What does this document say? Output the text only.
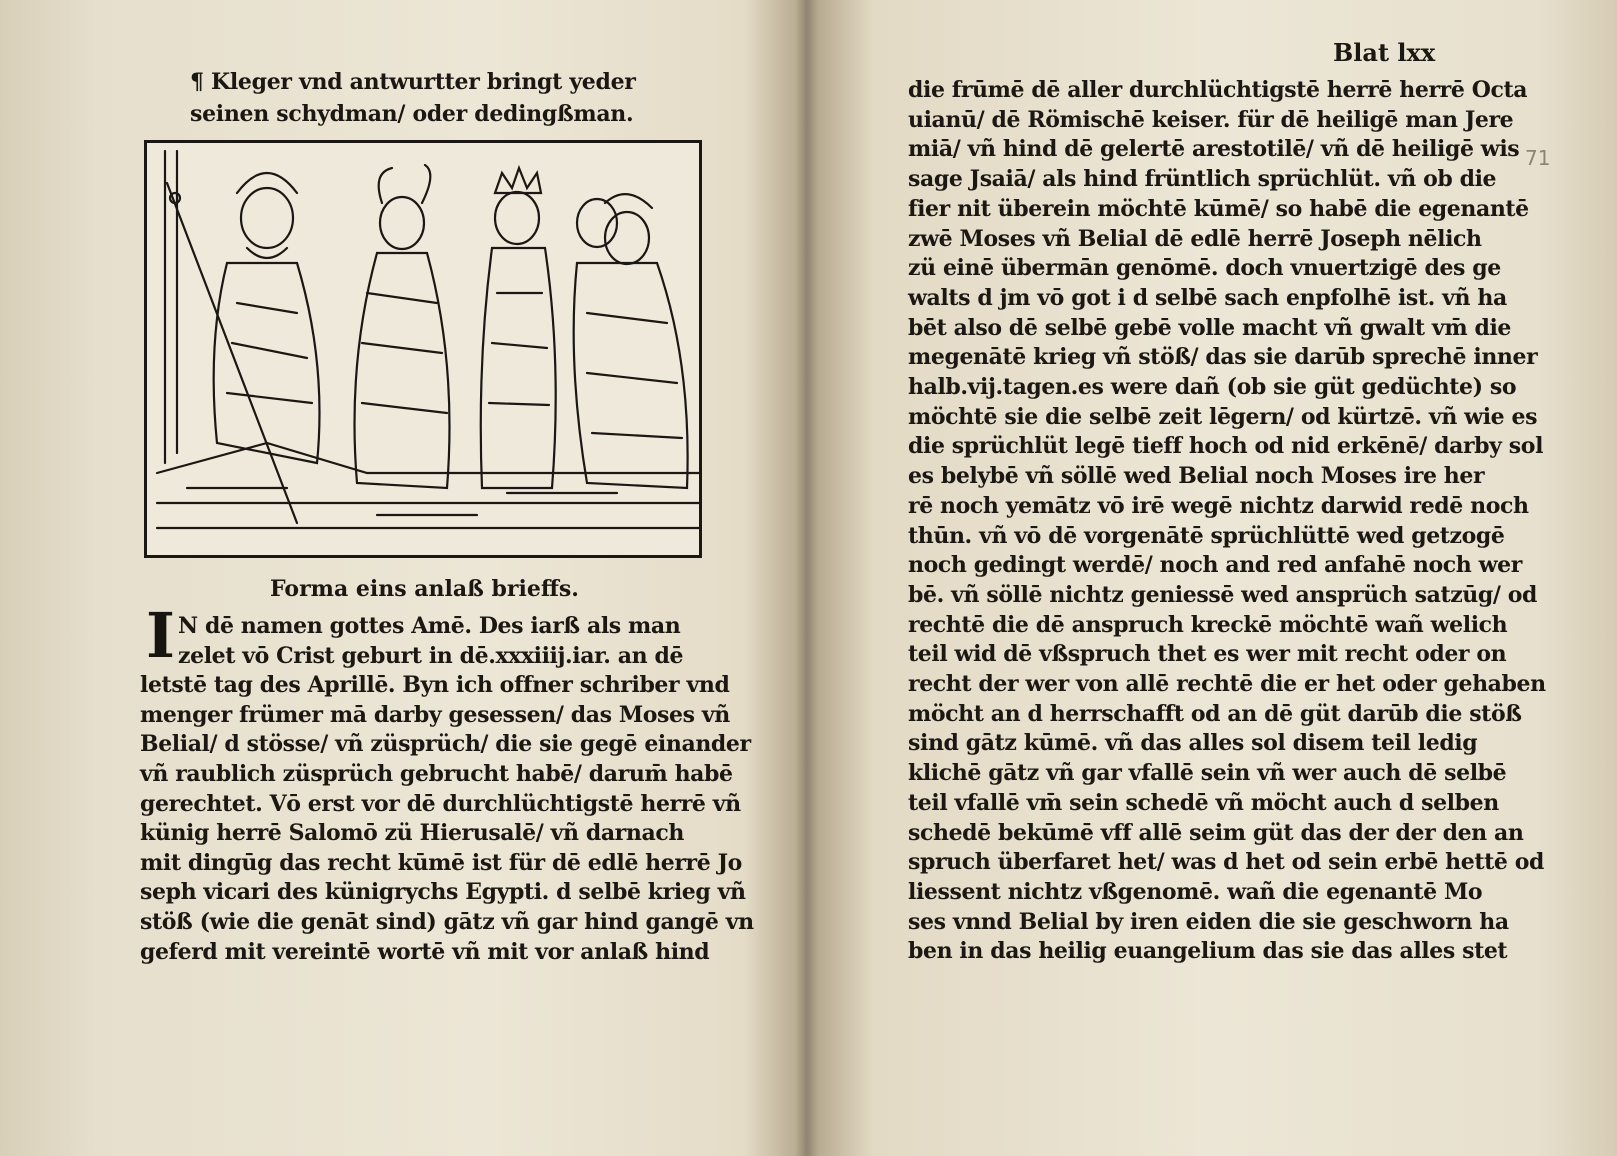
¶ Kleger vnd antwurtter bringt yeder
seinen schydman/ oder dedingßman.
Forma eins anlaß brieffs.
I N dē namen gottes Amē. Des iarß als man
zelet vō Crist geburt in dē.xxxiiij.iar. an dē
letstē tag des Aprillē. Byn ich offner schriber vnd
menger frümer mā darby gesessen/ das Moses vñ
Belial/ d stösse/ vñ züsprüch/ die sie gegē einander
vñ raublich züsprüch gebrucht habē/ darum̄ habē
gerechtet. Vō erst vor dē durchlüchtigstē herrē vñ
künig herrē Salomō zü Hierusalē/ vñ darnach
mit dingūg das recht kūmē ist für dē edlē herrē Jo
seph vicari des künigrychs Egypti. d selbē krieg vñ
stöß (wie die genāt sind) gātz vñ gar hind gangē vn
geferd mit vereintē wortē vñ mit vor anlaß hind
Blat lxx
71
die frūmē dē aller durchlüchtigstē herrē herrē Octa
uianū/ dē Römischē keiser. für dē heiligē man Jere
miā/ vñ hind dē gelertē arestotilē/ vñ dē heiligē wis
sage Jsaiā/ als hind früntlich sprüchlüt. vñ ob die
fier nit überein möchtē kūmē/ so habē die egenantē
zwē Moses vñ Belial dē edlē herrē Joseph nēlich
zü einē übermān genōmē. doch vnuertzigē des ge
walts d jm vō got i d selbē sach enpfolhē ist. vñ ha
bēt also dē selbē gebē volle macht vñ gwalt vm̄ die
megenātē krieg vñ stöß/ das sie darūb sprechē inner
halb.vij.tagen.es were dañ (ob sie güt gedüchte) so
möchtē sie die selbē zeit lēgern/ od kürtzē. vñ wie es
die sprüchlüt legē tieff hoch od nid erkēnē/ darby sol
es belybē vñ söllē wed Belial noch Moses ire her
rē noch yemātz vō irē wegē nichtz darwid redē noch
thūn. vñ vō dē vorgenātē sprüchlüttē wed getzogē
noch gedingt werdē/ noch and red anfahē noch wer
bē. vñ söllē nichtz geniessē wed ansprüch satzūg/ od
rechtē die dē anspruch kreckē möchtē wañ welich
teil wid dē vßspruch thet es wer mit recht oder on
recht der wer von allē rechtē die er het oder gehaben
möcht an d herrschafft od an dē güt darūb die stöß
sind gātz kūmē. vñ das alles sol disem teil ledig
klichē gātz vñ gar vfallē sein vñ wer auch dē selbē
teil vfallē vm̄ sein schedē vñ möcht auch d selben
schedē bekūmē vff allē seim güt das der der den an
spruch überfaret het/ was d het od sein erbē hettē od
liessent nichtz vßgenomē. wañ die egenantē Mo
ses vnnd Belial by iren eiden die sie geschworn ha
ben in das heilig euangelium das sie das alles stet
